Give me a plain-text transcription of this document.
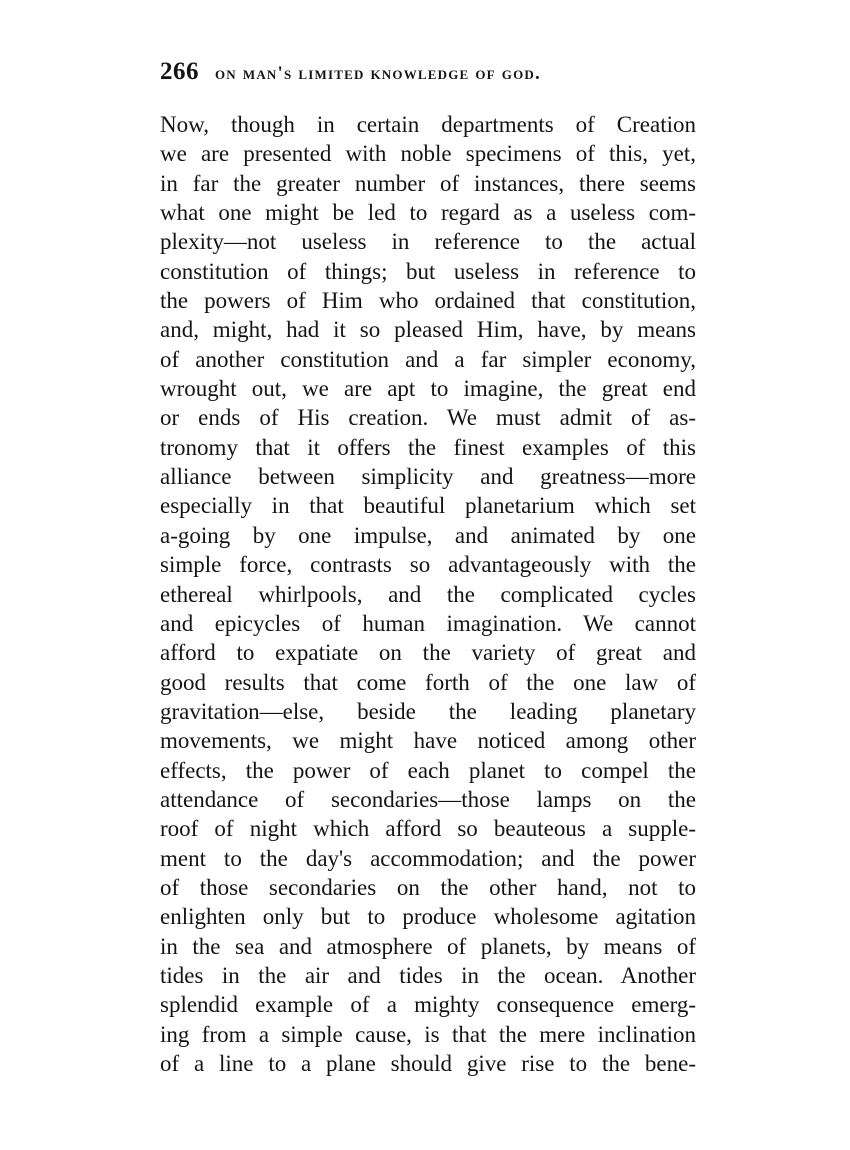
266 on man's limited knowledge of god.
Now, though in certain departments of Creation
we are presented with noble specimens of this, yet,
in far the greater number of instances, there seems
what one might be led to regard as a useless com-
plexity—not useless in reference to the actual
constitution of things; but useless in reference to
the powers of Him who ordained that constitution,
and, might, had it so pleased Him, have, by means
of another constitution and a far simpler economy,
wrought out, we are apt to imagine, the great end
or ends of His creation. We must admit of as-
tronomy that it offers the finest examples of this
alliance between simplicity and greatness—more
especially in that beautiful planetarium which set
a-going by one impulse, and animated by one
simple force, contrasts so advantageously with the
ethereal whirlpools, and the complicated cycles
and epicycles of human imagination. We cannot
afford to expatiate on the variety of great and
good results that come forth of the one law of
gravitation—else, beside the leading planetary
movements, we might have noticed among other
effects, the power of each planet to compel the
attendance of secondaries—those lamps on the
roof of night which afford so beauteous a supple-
ment to the day's accommodation; and the power
of those secondaries on the other hand, not to
enlighten only but to produce wholesome agitation
in the sea and atmosphere of planets, by means of
tides in the air and tides in the ocean. Another
splendid example of a mighty consequence emerg-
ing from a simple cause, is that the mere inclination
of a line to a plane should give rise to the bene-
